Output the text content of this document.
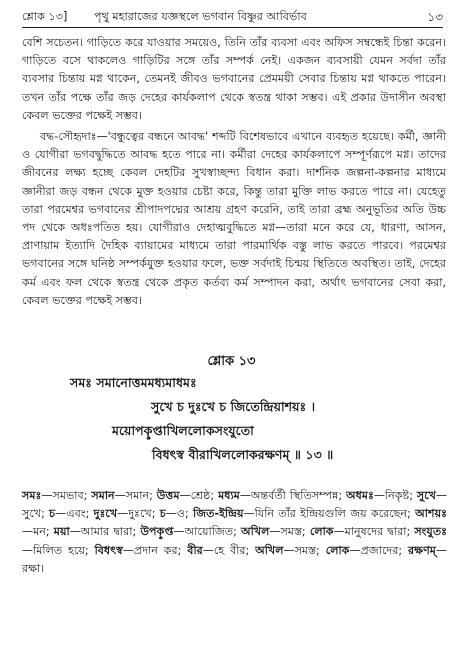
শ্লোক ১৩] পৃথু মহারাজের যজ্ঞস্থলে ভগবান বিষ্ণুর আবির্ভাব	১৩

বেশি সচেতন। গাড়িতে করে যাওয়ার সময়েও, তিনি তাঁর ব্যবসা এবং অফিস সম্বন্ধেই চিন্তা করেন। গাড়িতে বসে থাকলেও গাড়িটির সঙ্গে তাঁর সম্পর্ক নেই। একজন ব্যবসায়ী যেমন সর্বদা তাঁর ব্যবসার চিন্তায় মগ্ন থাকেন, তেমনই জীবও ভগবানের প্রেমময়ী সেবার চিন্তায় মগ্ন থাকতে পারেন। তখন তাঁর পক্ষে তাঁর জড় দেহের কার্যকলাপ থেকে স্বতন্ত্র থাকা সম্ভব। এই প্রকার উদাসীন অবস্থা কেবল ভক্তের পক্ষেই সম্ভব।

বদ্ধ-সৌহৃদাঃ—'বন্ধুত্বের বন্ধনে আবদ্ধ' শব্দটি বিশেষভাবে এখানে ব্যবহৃত হয়েছে। কর্মী, জ্ঞানী ও যোগীরা ভগবদ্বুদ্ধিতে আবদ্ধ হতে পারে না। কর্মীরা দেহের কার্যকলাপে সম্পূর্ণরূপে মগ্ন। তাদের জীবনের লক্ষ্য হচ্ছে কেবল দেহটির সুখস্বাচ্ছন্দ্য বিধান করা। দার্শনিক জল্পনা-কল্পনার মাধ্যমে জ্ঞানীরা জড় বন্ধন থেকে মুক্ত হওয়ার চেষ্টা করে, কিন্তু তারা মুক্তি লাভ করতে পারে না। যেহেতু তারা পরমেশ্বর ভগবানের শ্রীপাদপদ্মের আশ্রয় গ্রহণ করেনি, তাই তারা ব্রহ্ম অনুভূতির অতি উচ্চ পদ থেকে অধঃপতিত হয়। যোগীরাও দেহাত্মবুদ্ধিতে মগ্ন—তারা মনে করে যে, ধারণা, আসন, প্রাণায়াম ইত্যাদি দৈহিক ব্যায়ামের মাধ্যমে তারা পারমার্থিক বস্তু লাভ করতে পারবে। পরমেশ্বর ভগবানের সঙ্গে ঘনিষ্ঠ সম্পর্কযুক্ত হওয়ার ফলে, ভক্ত সর্বদাই চিন্ময় স্থিতিতে অবস্থিত। তাই, দেহের কর্ম এবং ফল থেকে স্বতন্ত্র থেকে প্রকৃত কর্তব্য কর্ম সম্পাদন করা, অর্থাৎ ভগবানের সেবা করা, কেবল ভক্তের পক্ষেই সম্ভব।

শ্লোক ১৩
সমঃ সমানোত্তমমধ্যমাধমঃ
সুখে চ দুঃখে চ জিতেন্দ্রিয়াশয়ঃ ।
ময়োপকৢপ্তাখিললোকসংযুতো
বিধৎস্ব বীরাখিললোকরক্ষণম্ ॥ ১৩ ॥

সমঃ—সমভাব; সমান—সমান; উত্তম—শ্রেষ্ঠ; মধ্যম—অন্তর্বর্তী স্থিতিসম্পন্ন; অধমঃ—নিকৃষ্ট; সুখে—সুখে; চ—এবং; দুঃখে—দুঃখে; চ—ও; জিত-ইন্দ্রিয়—যিনি তাঁর ইন্দ্রিয়গুলি জয় করেছেন; আশয়ঃ—মন; ময়া—আমার দ্বারা; উপকৢপ্ত—আয়োজিত; অখিল—সমস্ত; লোক—মানুষদের দ্বারা; সংযুতঃ—মিলিত হয়ে; বিধৎস্ব—প্রদান কর; বীর—হে বীর; অখিল—সমস্ত; লোক—প্রজাদের; রক্ষণম্—রক্ষা।
